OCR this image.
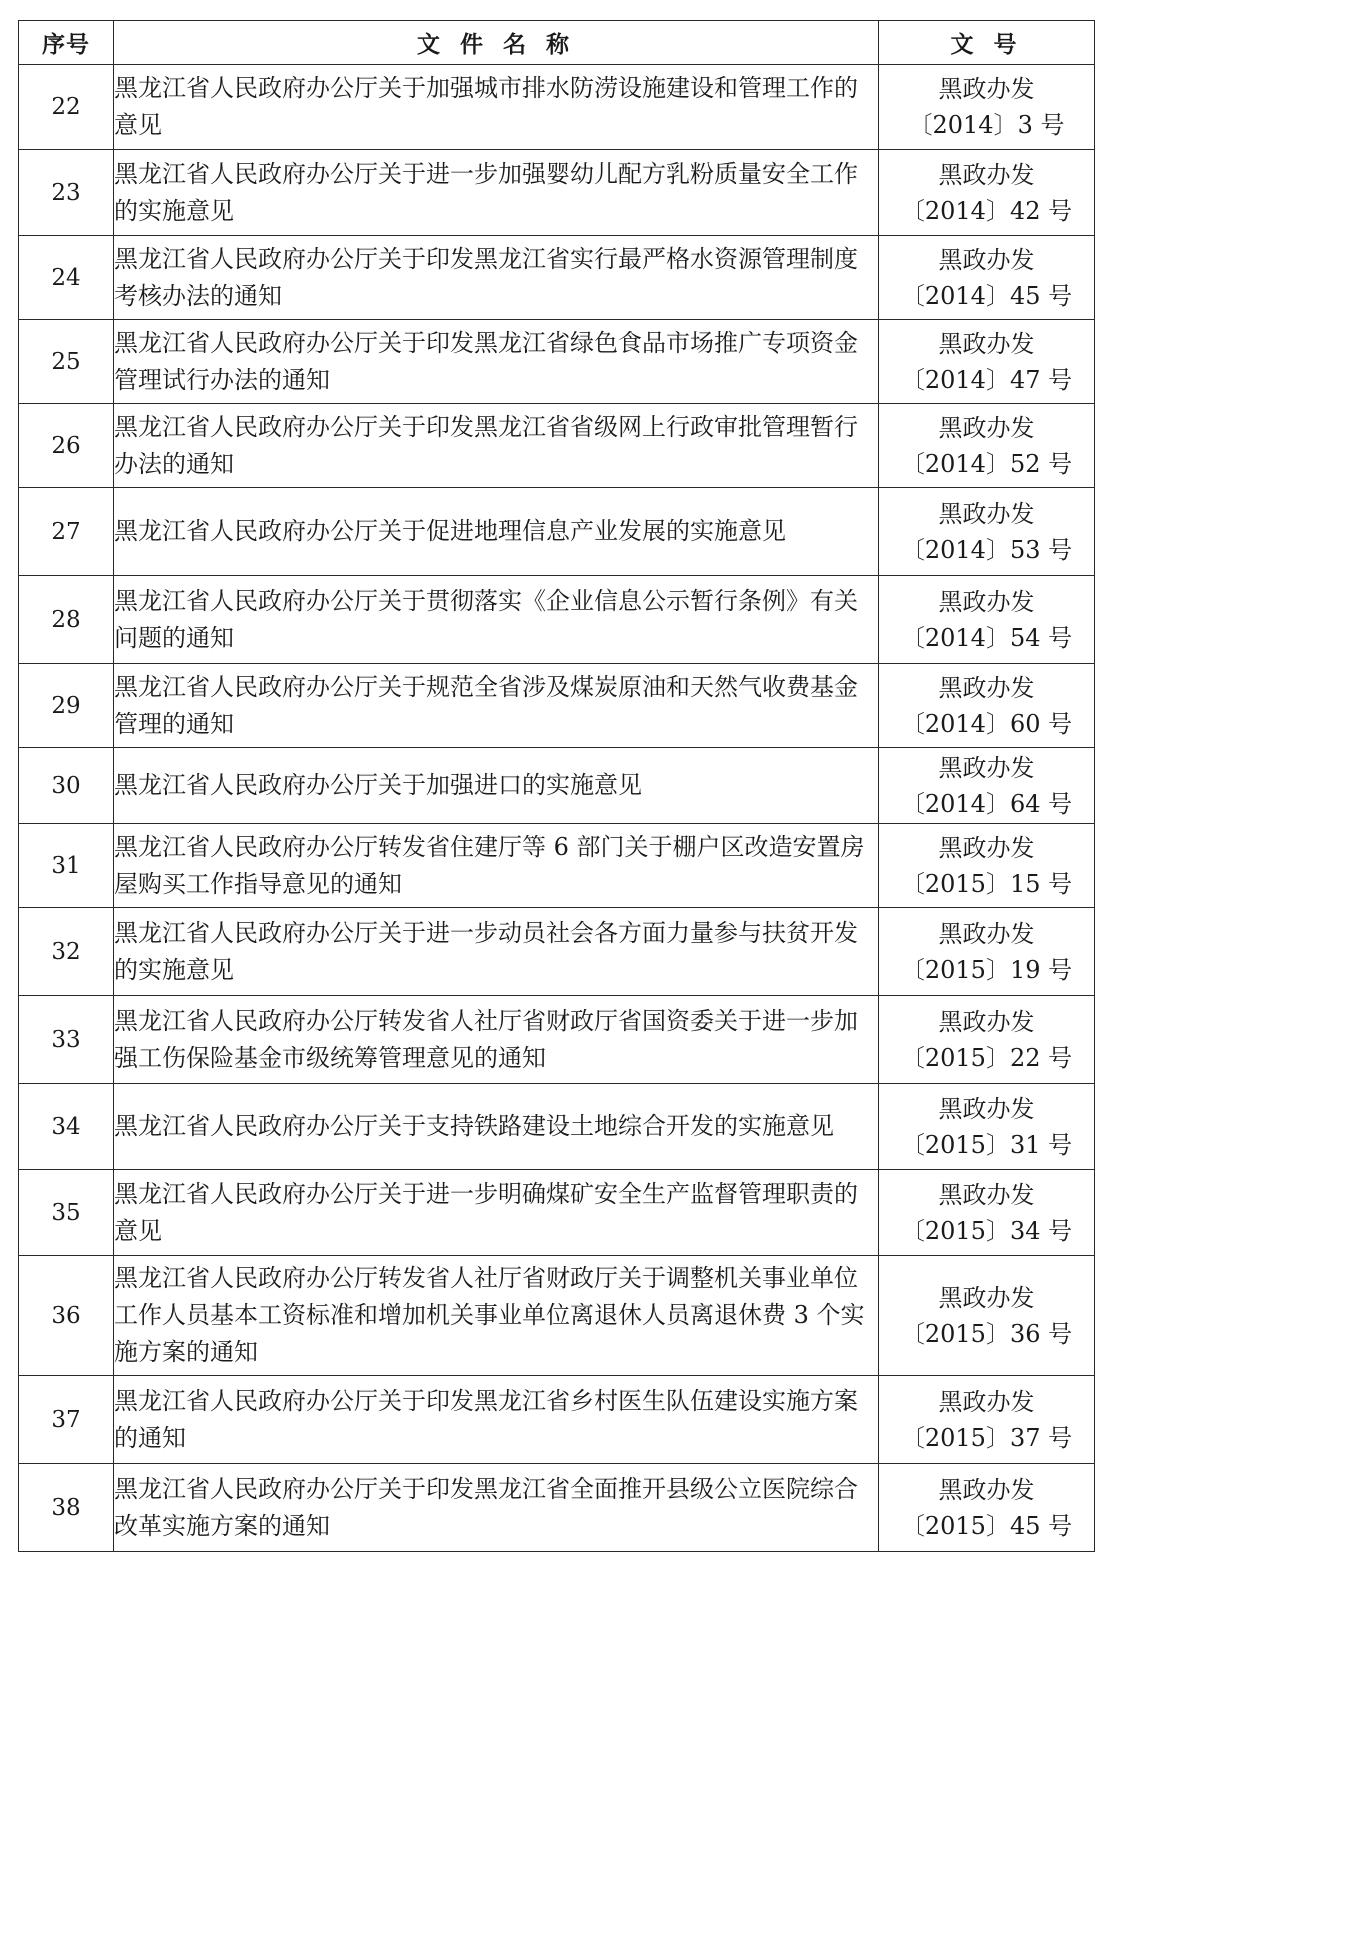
序号	文 件 名 称	文 号
22	黑龙江省人民政府办公厅关于加强城市排水防涝设施建设和管理工作的意见	黑政办发
〔2014〕3 号

23	黑龙江省人民政府办公厅关于进一步加强婴幼儿配方乳粉质量安全工作的实施意见	黑政办发
〔2014〕42 号

24	黑龙江省人民政府办公厅关于印发黑龙江省实行最严格水资源管理制度考核办法的通知	黑政办发
〔2014〕45 号

25	黑龙江省人民政府办公厅关于印发黑龙江省绿色食品市场推广专项资金管理试行办法的通知	黑政办发
〔2014〕47 号

26	黑龙江省人民政府办公厅关于印发黑龙江省省级网上行政审批管理暂行办法的通知	黑政办发
〔2014〕52 号

27	黑龙江省人民政府办公厅关于促进地理信息产业发展的实施意见	黑政办发
〔2014〕53 号

28	黑龙江省人民政府办公厅关于贯彻落实《企业信息公示暂行条例》有关问题的通知	黑政办发
〔2014〕54 号

29	黑龙江省人民政府办公厅关于规范全省涉及煤炭原油和天然气收费基金管理的通知	黑政办发
〔2014〕60 号

30	黑龙江省人民政府办公厅关于加强进口的实施意见	黑政办发
〔2014〕64 号

31	黑龙江省人民政府办公厅转发省住建厅等 6 部门关于棚户区改造安置房屋购买工作指导意见的通知	黑政办发
〔2015〕15 号

32	黑龙江省人民政府办公厅关于进一步动员社会各方面力量参与扶贫开发的实施意见	黑政办发
〔2015〕19 号

33	黑龙江省人民政府办公厅转发省人社厅省财政厅省国资委关于进一步加强工伤保险基金市级统筹管理意见的通知	黑政办发
〔2015〕22 号

34	黑龙江省人民政府办公厅关于支持铁路建设土地综合开发的实施意见	黑政办发
〔2015〕31 号

35	黑龙江省人民政府办公厅关于进一步明确煤矿安全生产监督管理职责的意见	黑政办发
〔2015〕34 号

36	黑龙江省人民政府办公厅转发省人社厅省财政厅关于调整机关事业单位工作人员基本工资标准和增加机关事业单位离退休人员离退休费 3 个实施方案的通知	黑政办发
〔2015〕36 号

37	黑龙江省人民政府办公厅关于印发黑龙江省乡村医生队伍建设实施方案的通知	黑政办发
〔2015〕37 号

38	黑龙江省人民政府办公厅关于印发黑龙江省全面推开县级公立医院综合改革实施方案的通知	黑政办发
〔2015〕45 号
